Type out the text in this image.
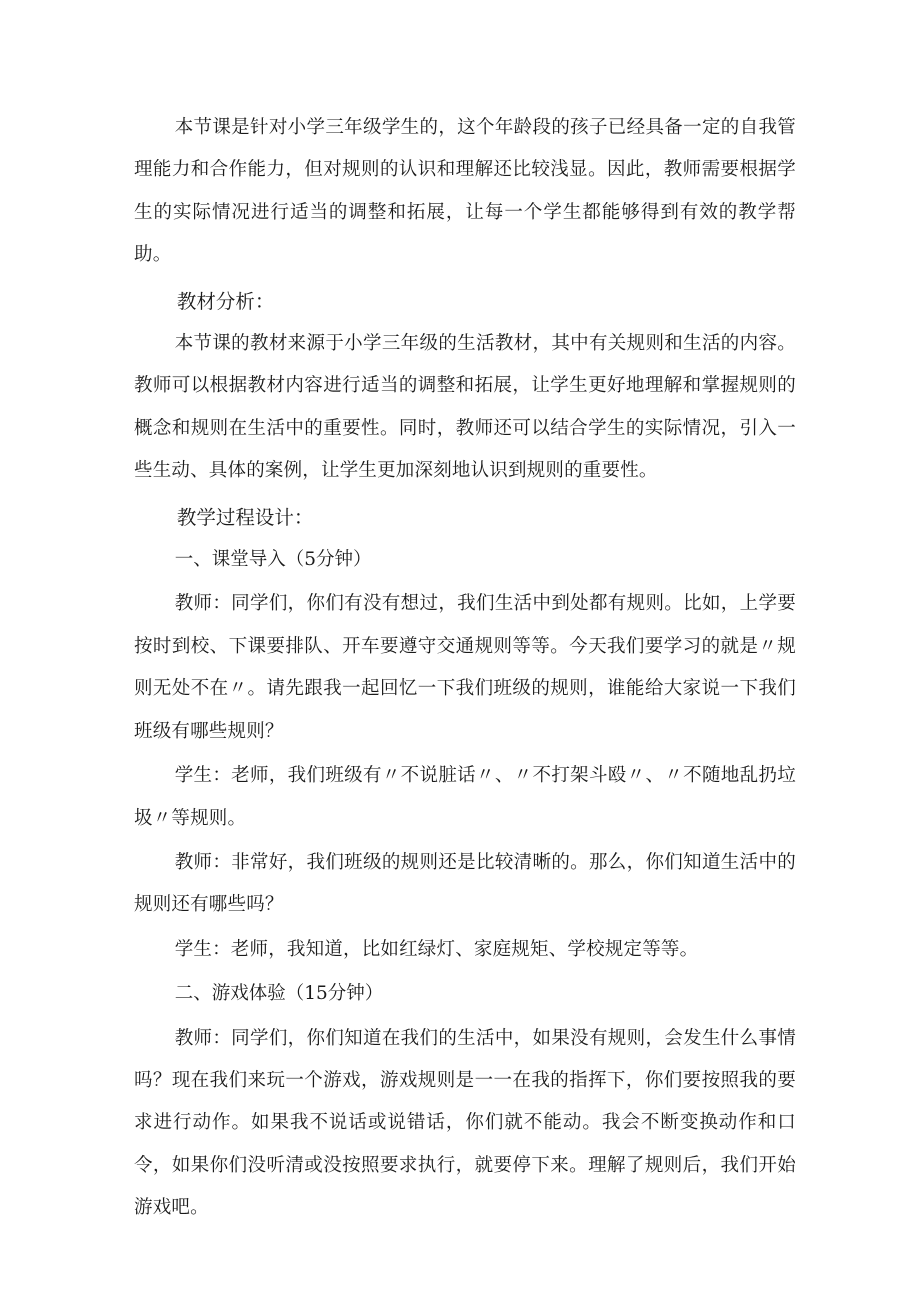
本节课是针对小学三年级学生的，这个年龄段的孩子已经具备一定的自我管理能力和合作能力，但对规则的认识和理解还比较浅显。因此，教师需要根据学生的实际情况进行适当的调整和拓展，让每一个学生都能够得到有效的教学帮助。

教材分析：

本节课的教材来源于小学三年级的生活教材，其中有关规则和生活的内容。教师可以根据教材内容进行适当的调整和拓展，让学生更好地理解和掌握规则的概念和规则在生活中的重要性。同时，教师还可以结合学生的实际情况，引入一些生动、具体的案例，让学生更加深刻地认识到规则的重要性。

教学过程设计：

一、课堂导入（5分钟）

教师：同学们，你们有没有想过，我们生活中到处都有规则。比如，上学要按时到校、下课要排队、开车要遵守交通规则等等。今天我们要学习的就是〃规则无处不在〃。请先跟我一起回忆一下我们班级的规则，谁能给大家说一下我们班级有哪些规则？

学生：老师，我们班级有〃不说脏话〃、〃不打架斗殴〃、〃不随地乱扔垃圾〃等规则。

教师：非常好，我们班级的规则还是比较清晰的。那么，你们知道生活中的规则还有哪些吗？

学生：老师，我知道，比如红绿灯、家庭规矩、学校规定等等。

二、游戏体验（15分钟）

教师：同学们，你们知道在我们的生活中，如果没有规则，会发生什么事情吗？现在我们来玩一个游戏，游戏规则是一一在我的指挥下，你们要按照我的要求进行动作。如果我不说话或说错话，你们就不能动。我会不断变换动作和口令，如果你们没听清或没按照要求执行，就要停下来。理解了规则后，我们开始游戏吧。
